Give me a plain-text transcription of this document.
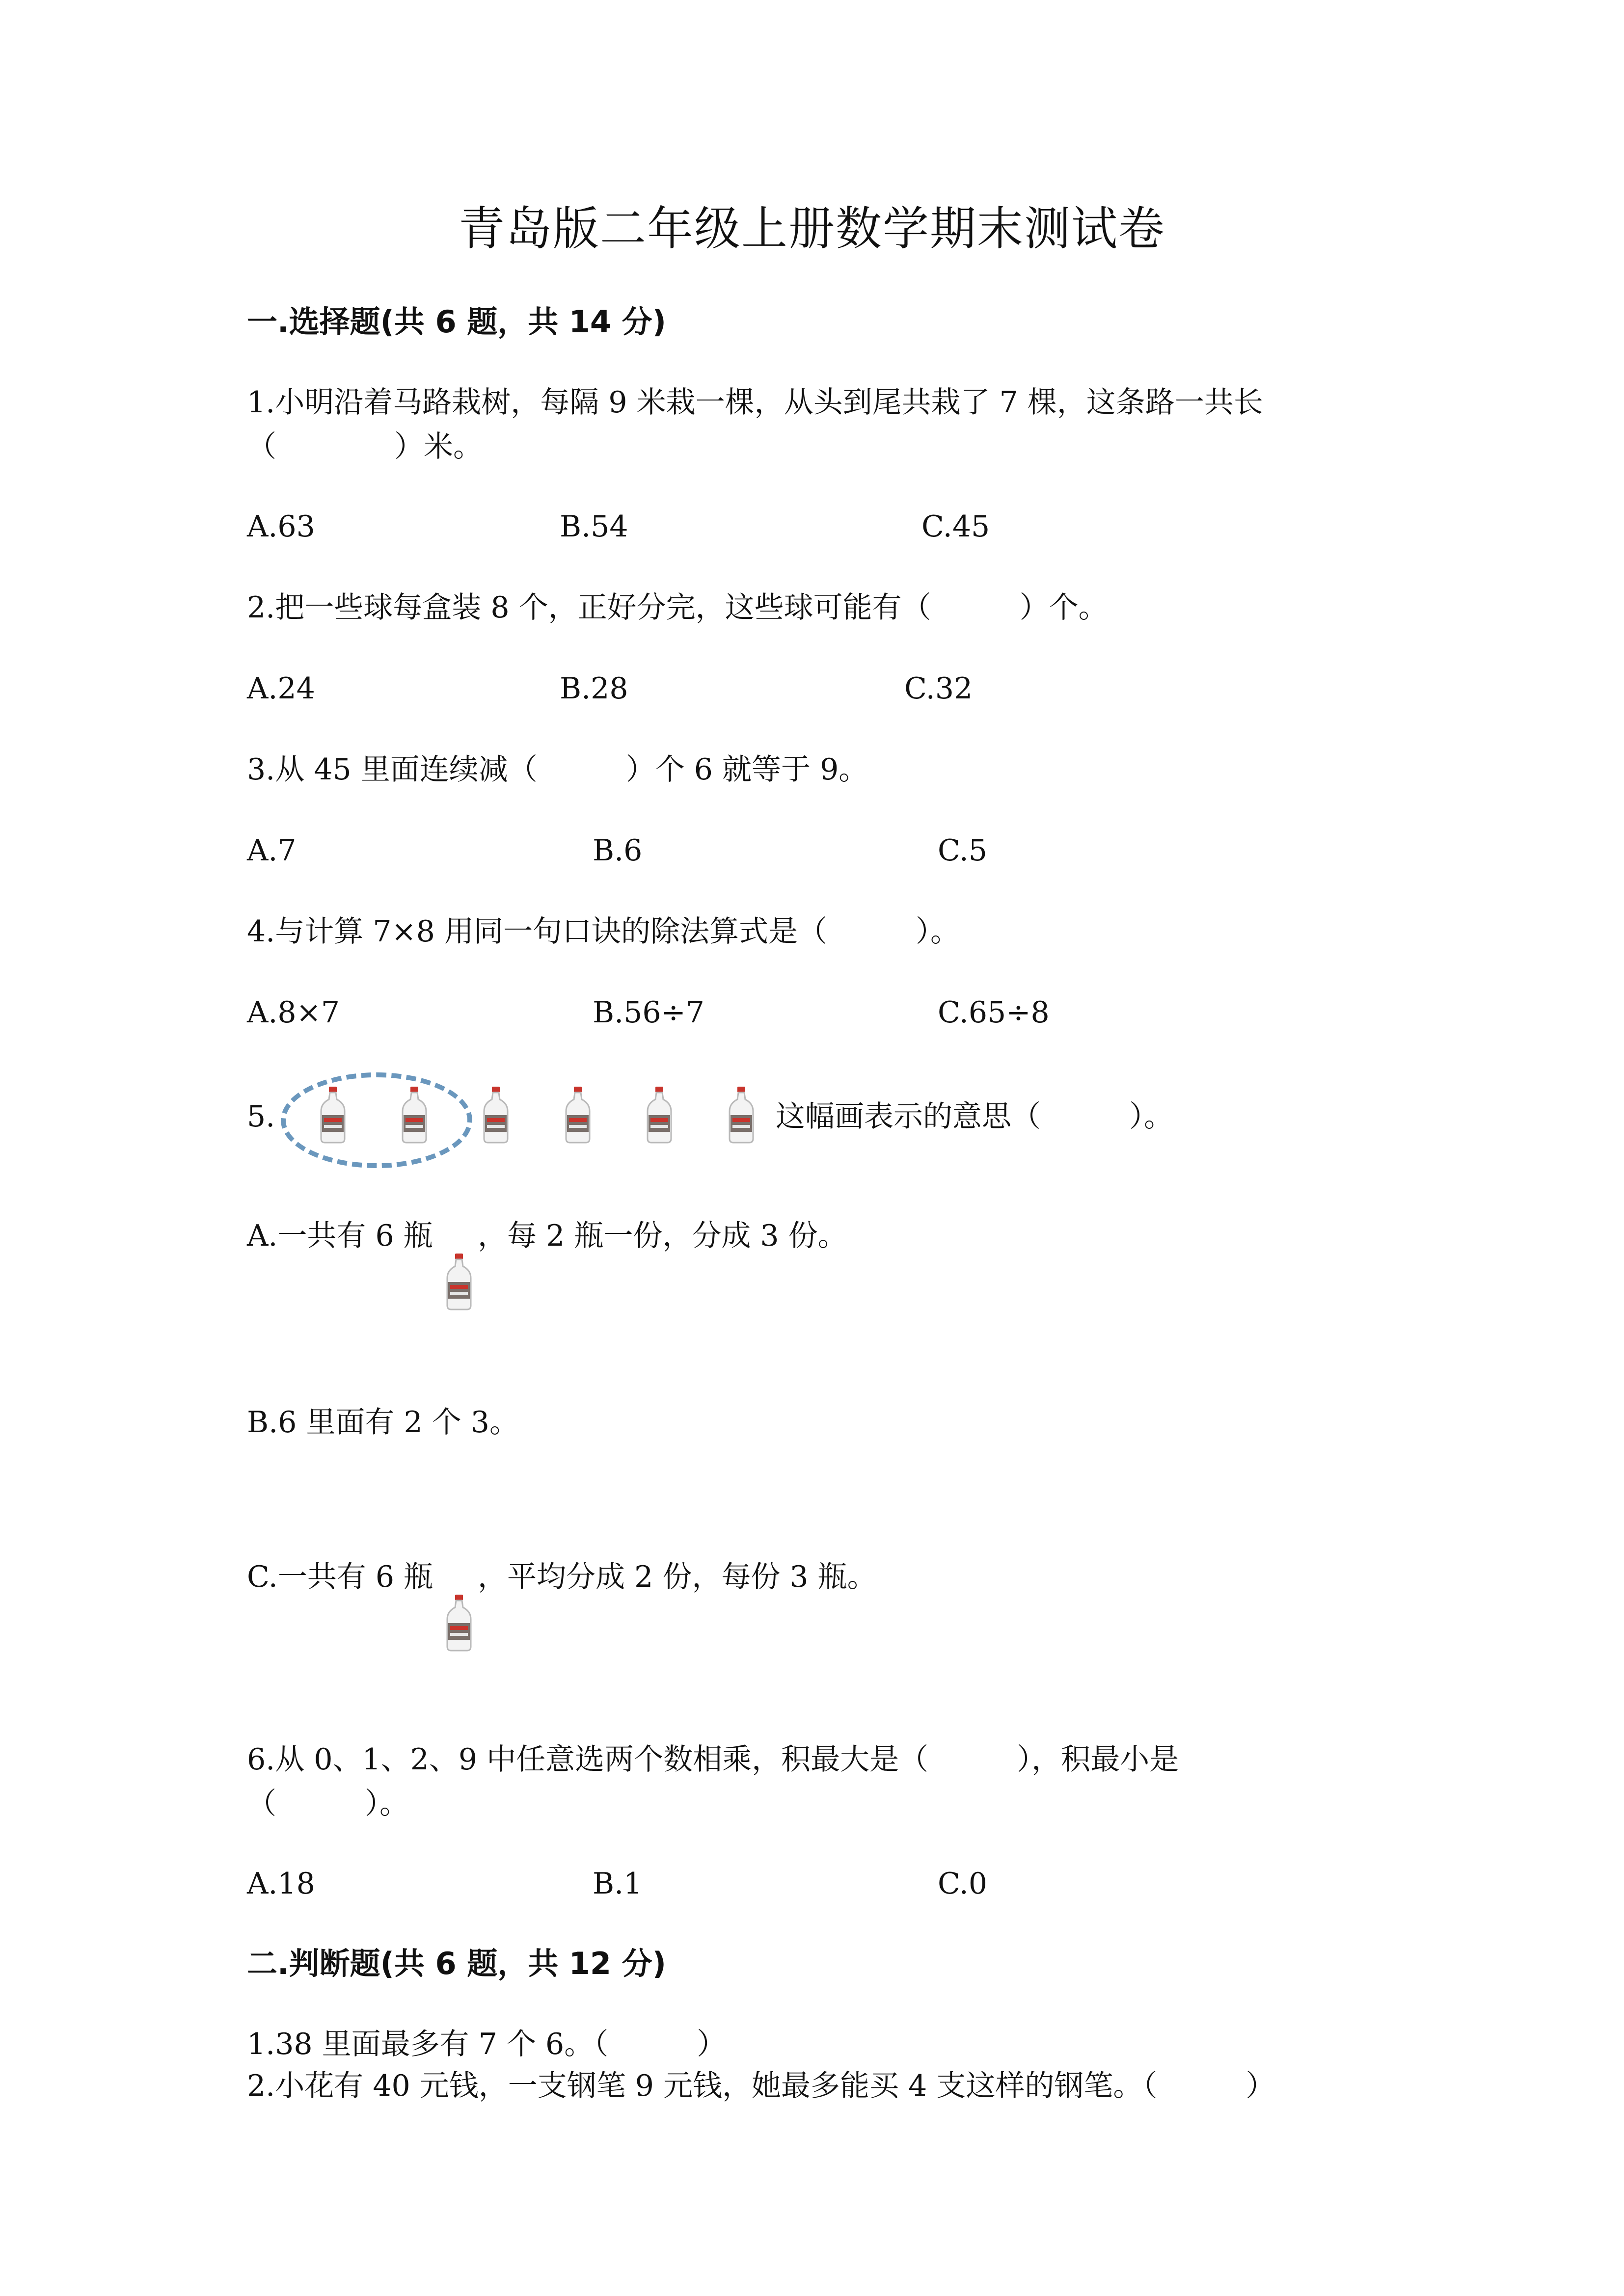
青岛版二年级上册数学期末测试卷
一.选择题(共 6 题，共 14 分)
1.小明沿着马路栽树，每隔 9 米栽一棵，从头到尾共栽了 7 棵，这条路一共长
（　　　　）米。
A.63	B.54	C.45
2.把一些球每盒装 8 个，正好分完，这些球可能有（　　　）个。
A.24	B.28	C.32
3.从 45 里面连续减（　　　）个 6 就等于 9。
A.7	B.6	C.5
4.与计算 7×8 用同一句口诀的除法算式是（　　　）。
A.8×7	B.56÷7	C.65÷8
5.	这幅画表示的意思（　　　）。
A.一共有 6 瓶 ，每 2 瓶一份，分成 3 份。
B.6 里面有 2 个 3。
C.一共有 6 瓶 ，平均分成 2 份，每份 3 瓶。
6.从 0、1、2、9 中任意选两个数相乘，积最大是（　　　），积最小是
（　　　）。
A.18	B.1	C.0
二.判断题(共 6 题，共 12 分)
1.38 里面最多有 7 个 6。（　　　）
2.小花有 40 元钱，一支钢笔 9 元钱，她最多能买 4 支这样的钢笔。（　　　）
